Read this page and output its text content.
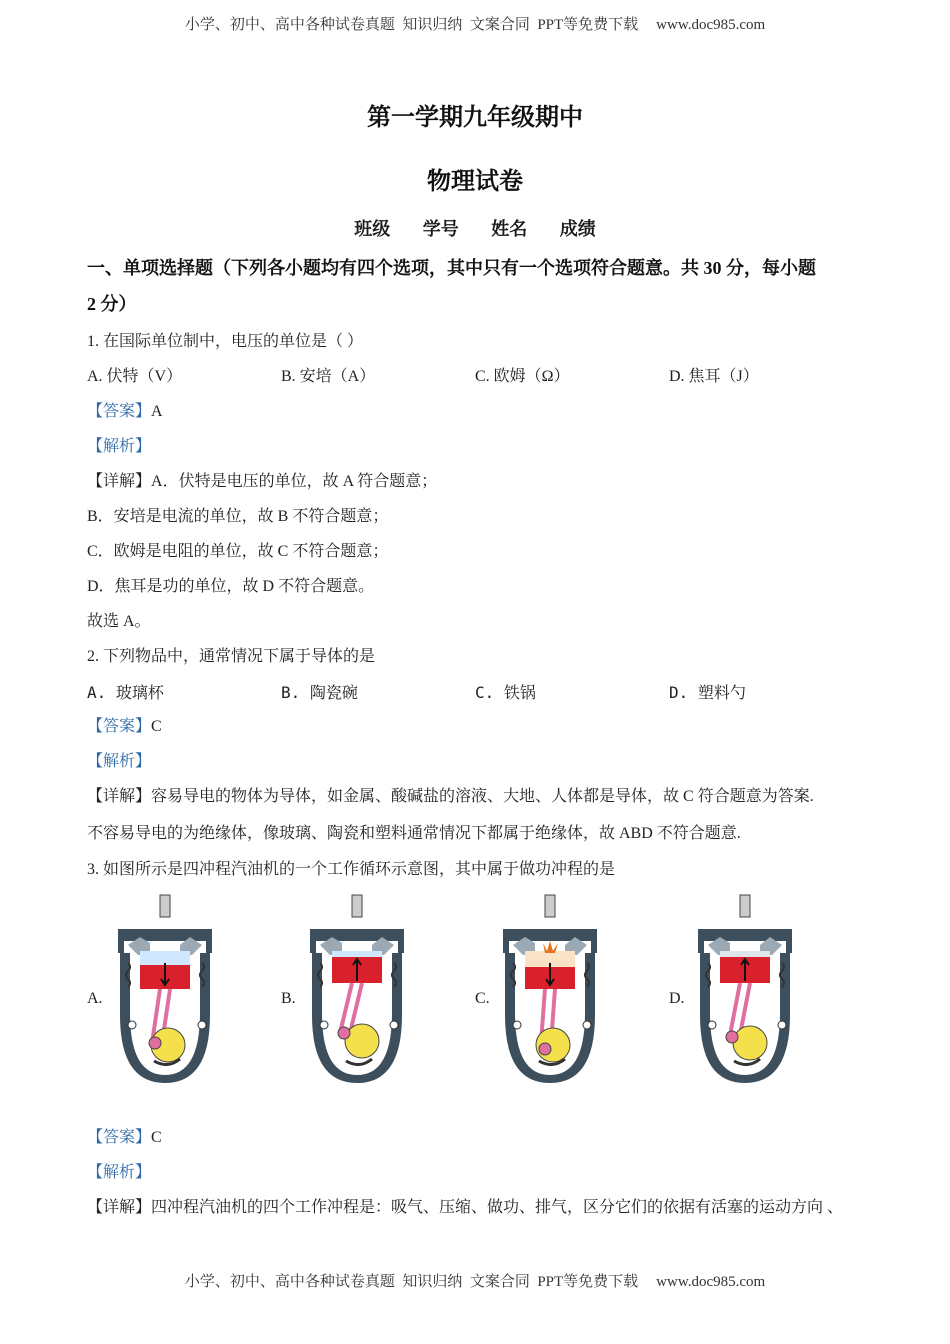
小学、初中、高中各种试卷真题  知识归纳  文案合同  PPT等免费下载 www.doc985.com
第一学期九年级期中
物理试卷
班级 学号 姓名 成绩
一、单项选择题（下列各小题均有四个选项，其中只有一个选项符合题意。共 30 分，每小题
2 分）
1. 在国际单位制中，电压的单位是（ ）
A. 伏特（V）	B. 安培（A）	C. 欧姆（Ω）	D. 焦耳（J）
【答案】A
【解析】
【详解】A．伏特是电压的单位，故 A 符合题意；
B．安培是电流的单位，故 B 不符合题意；
C．欧姆是电阻的单位，故 C 不符合题意；
D．焦耳是功的单位，故 D 不符合题意。
故选 A。
2. 下列物品中，通常情况下属于导体的是
A. 玻璃杯	B. 陶瓷碗	C. 铁锅	D. 塑料勺
【答案】C
【解析】
【详解】容易导电的物体为导体，如金属、酸碱盐的溶液、大地、人体都是导体，故 C 符合题意为答案.
不容易导电的为绝缘体，像玻璃、陶瓷和塑料通常情况下都属于绝缘体，故 ABD 不符合题意.
3. 如图所示是四冲程汽油机的一个工作循环示意图，其中属于做功冲程的是
A.	B.	C.	D.
【答案】C
【解析】
【详解】四冲程汽油机的四个工作冲程是：吸气、压缩、做功、排气，区分它们的依据有活塞的运动方向 、
小学、初中、高中各种试卷真题  知识归纳  文案合同  PPT等免费下载 www.doc985.com
